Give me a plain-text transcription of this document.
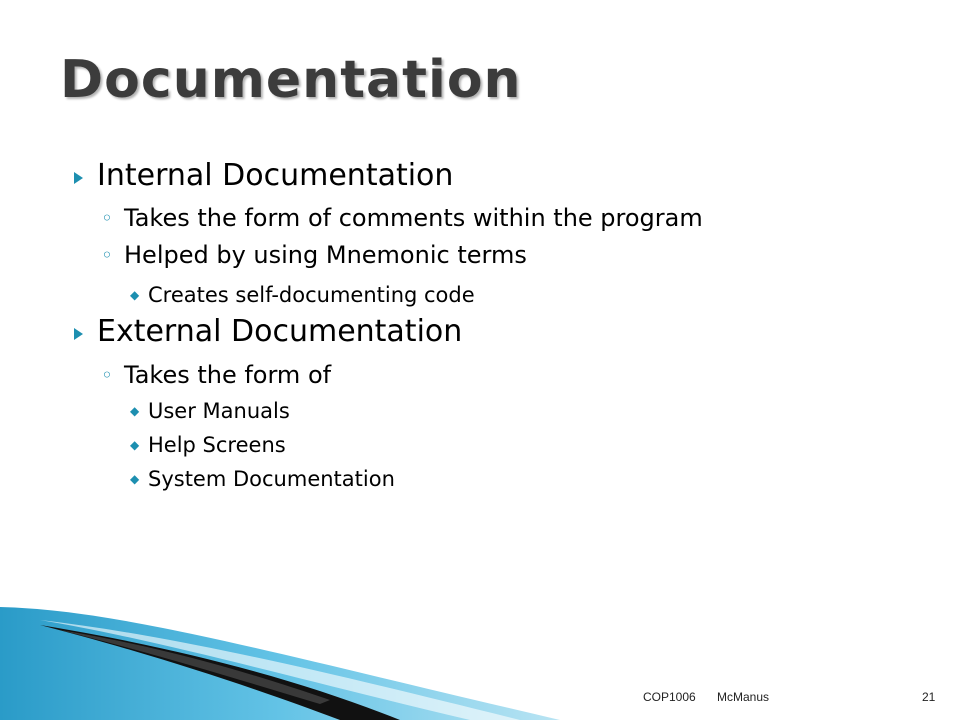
Documentation
Internal Documentation
◦ Takes the form of comments within the program
◦ Helped by using Mnemonic terms
◆ Creates self-documenting code
External Documentation
◦ Takes the form of
◆ User Manuals
◆ Help Screens
◆ System Documentation
COP1006 McManus	21
